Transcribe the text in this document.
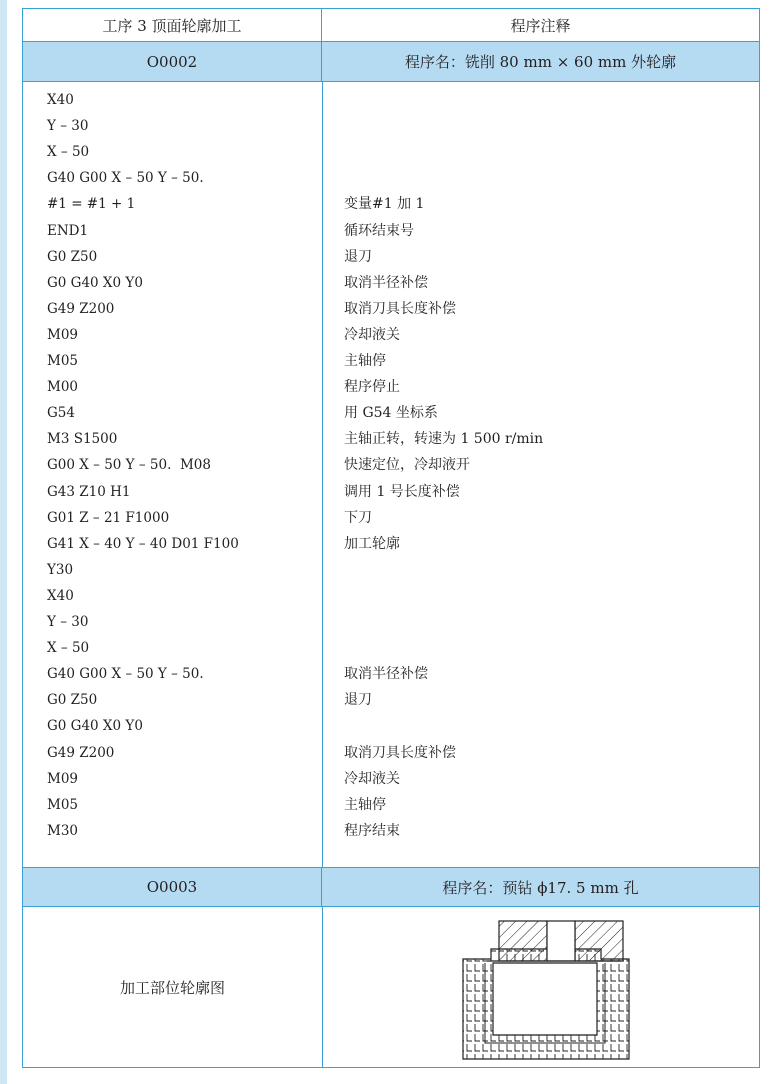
工序 3 顶面轮廓加工	程序注释
O0002	程序名：铣削 80 mm × 60 mm 外轮廓
X40
Y – 30
X – 50
G40 G00 X – 50 Y – 50.
#1 = #1 + 1	变量#1 加 1
END1	循环结束号
G0 Z50	退刀
G0 G40 X0 Y0	取消半径补偿
G49 Z200	取消刀具长度补偿
M09	冷却液关
M05	主轴停
M00	程序停止
G54	用 G54 坐标系
M3 S1500	主轴正转，转速为 1 500 r/min
G00 X – 50 Y – 50.  M08	快速定位，冷却液开
G43 Z10 H1	调用 1 号长度补偿
G01 Z – 21 F1000	下刀
G41 X – 40 Y – 40 D01 F100	加工轮廓
Y30
X40
Y – 30
X – 50
G40 G00 X – 50 Y – 50.	取消半径补偿
G0 Z50	退刀
G0 G40 X0 Y0
G49 Z200	取消刀具长度补偿
M09	冷却液关
M05	主轴停
M30	程序结束
O0003	程序名：预钻 ϕ17. 5 mm 孔
加工部位轮廓图
